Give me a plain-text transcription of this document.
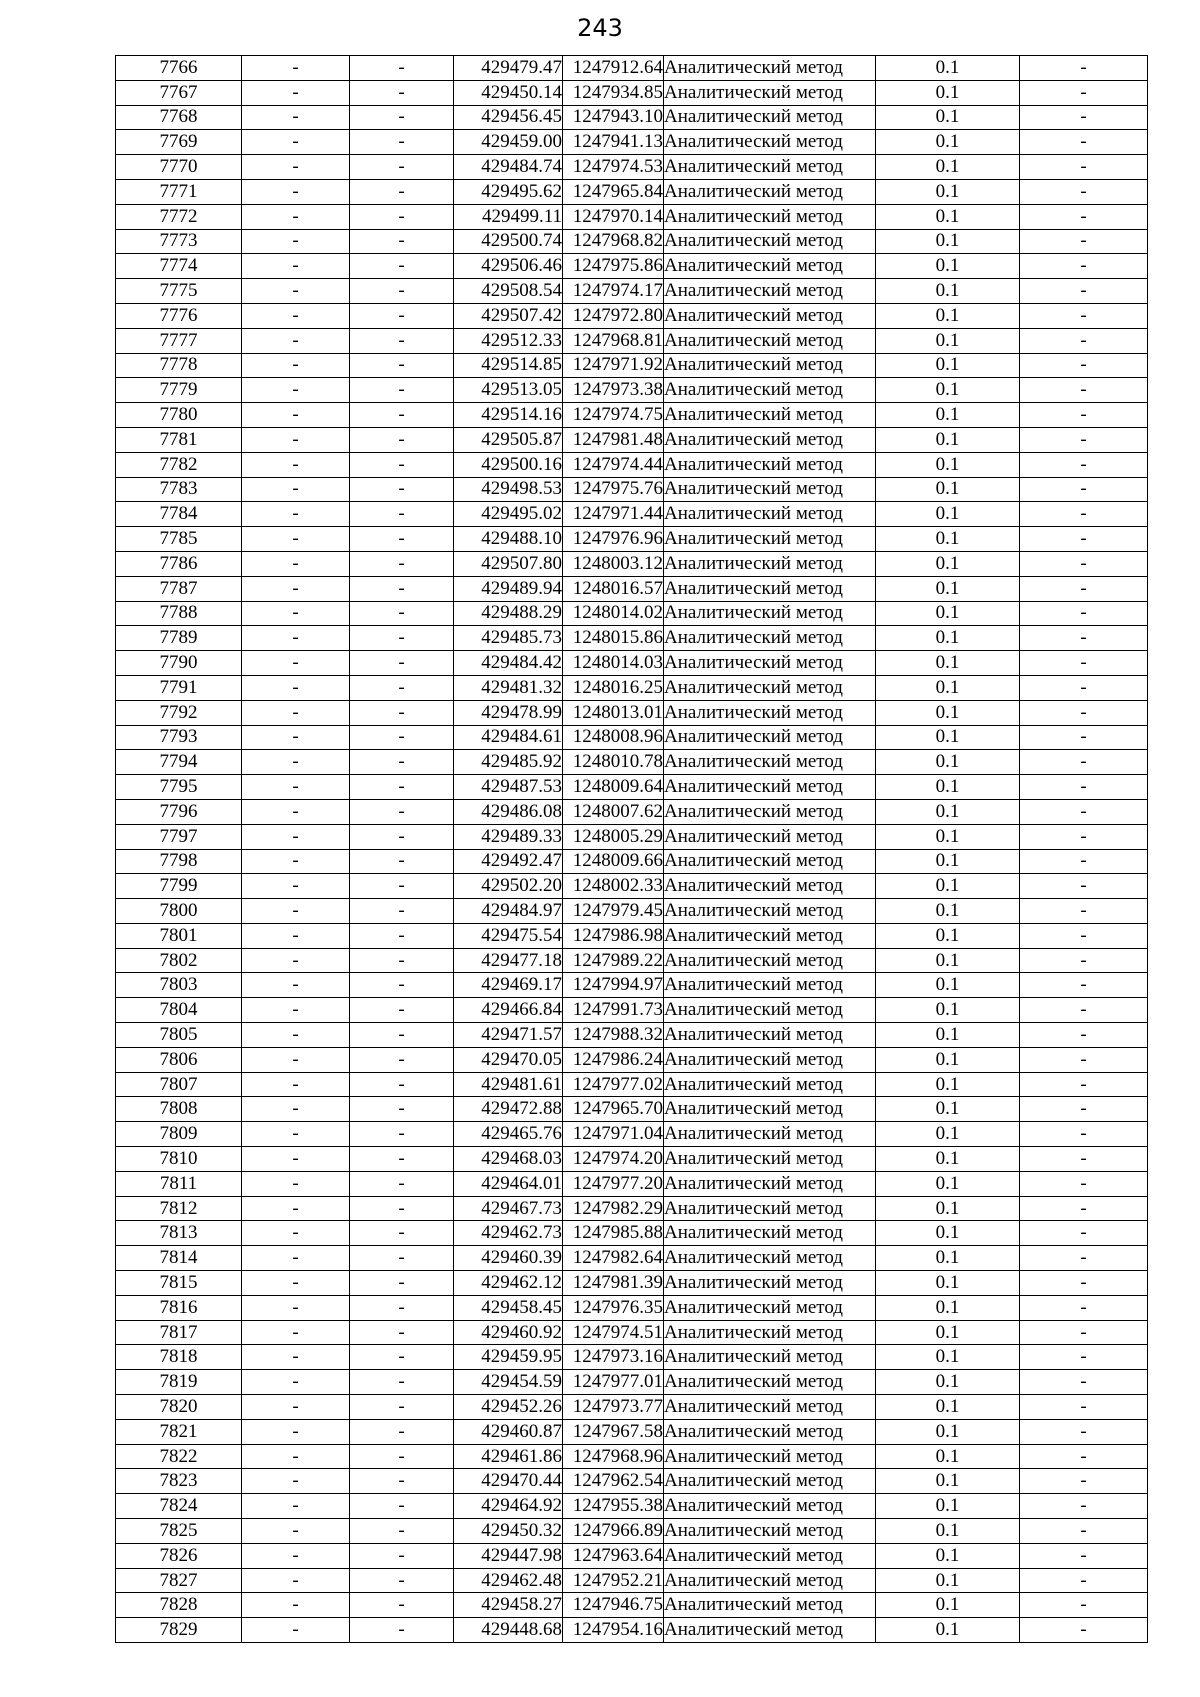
243
7766	-	-	429479.47	1247912.64	Аналитический метод	0.1	-
7767	-	-	429450.14	1247934.85	Аналитический метод	0.1	-
7768	-	-	429456.45	1247943.10	Аналитический метод	0.1	-
7769	-	-	429459.00	1247941.13	Аналитический метод	0.1	-
7770	-	-	429484.74	1247974.53	Аналитический метод	0.1	-
7771	-	-	429495.62	1247965.84	Аналитический метод	0.1	-
7772	-	-	429499.11	1247970.14	Аналитический метод	0.1	-
7773	-	-	429500.74	1247968.82	Аналитический метод	0.1	-
7774	-	-	429506.46	1247975.86	Аналитический метод	0.1	-
7775	-	-	429508.54	1247974.17	Аналитический метод	0.1	-
7776	-	-	429507.42	1247972.80	Аналитический метод	0.1	-
7777	-	-	429512.33	1247968.81	Аналитический метод	0.1	-
7778	-	-	429514.85	1247971.92	Аналитический метод	0.1	-
7779	-	-	429513.05	1247973.38	Аналитический метод	0.1	-
7780	-	-	429514.16	1247974.75	Аналитический метод	0.1	-
7781	-	-	429505.87	1247981.48	Аналитический метод	0.1	-
7782	-	-	429500.16	1247974.44	Аналитический метод	0.1	-
7783	-	-	429498.53	1247975.76	Аналитический метод	0.1	-
7784	-	-	429495.02	1247971.44	Аналитический метод	0.1	-
7785	-	-	429488.10	1247976.96	Аналитический метод	0.1	-
7786	-	-	429507.80	1248003.12	Аналитический метод	0.1	-
7787	-	-	429489.94	1248016.57	Аналитический метод	0.1	-
7788	-	-	429488.29	1248014.02	Аналитический метод	0.1	-
7789	-	-	429485.73	1248015.86	Аналитический метод	0.1	-
7790	-	-	429484.42	1248014.03	Аналитический метод	0.1	-
7791	-	-	429481.32	1248016.25	Аналитический метод	0.1	-
7792	-	-	429478.99	1248013.01	Аналитический метод	0.1	-
7793	-	-	429484.61	1248008.96	Аналитический метод	0.1	-
7794	-	-	429485.92	1248010.78	Аналитический метод	0.1	-
7795	-	-	429487.53	1248009.64	Аналитический метод	0.1	-
7796	-	-	429486.08	1248007.62	Аналитический метод	0.1	-
7797	-	-	429489.33	1248005.29	Аналитический метод	0.1	-
7798	-	-	429492.47	1248009.66	Аналитический метод	0.1	-
7799	-	-	429502.20	1248002.33	Аналитический метод	0.1	-
7800	-	-	429484.97	1247979.45	Аналитический метод	0.1	-
7801	-	-	429475.54	1247986.98	Аналитический метод	0.1	-
7802	-	-	429477.18	1247989.22	Аналитический метод	0.1	-
7803	-	-	429469.17	1247994.97	Аналитический метод	0.1	-
7804	-	-	429466.84	1247991.73	Аналитический метод	0.1	-
7805	-	-	429471.57	1247988.32	Аналитический метод	0.1	-
7806	-	-	429470.05	1247986.24	Аналитический метод	0.1	-
7807	-	-	429481.61	1247977.02	Аналитический метод	0.1	-
7808	-	-	429472.88	1247965.70	Аналитический метод	0.1	-
7809	-	-	429465.76	1247971.04	Аналитический метод	0.1	-
7810	-	-	429468.03	1247974.20	Аналитический метод	0.1	-
7811	-	-	429464.01	1247977.20	Аналитический метод	0.1	-
7812	-	-	429467.73	1247982.29	Аналитический метод	0.1	-
7813	-	-	429462.73	1247985.88	Аналитический метод	0.1	-
7814	-	-	429460.39	1247982.64	Аналитический метод	0.1	-
7815	-	-	429462.12	1247981.39	Аналитический метод	0.1	-
7816	-	-	429458.45	1247976.35	Аналитический метод	0.1	-
7817	-	-	429460.92	1247974.51	Аналитический метод	0.1	-
7818	-	-	429459.95	1247973.16	Аналитический метод	0.1	-
7819	-	-	429454.59	1247977.01	Аналитический метод	0.1	-
7820	-	-	429452.26	1247973.77	Аналитический метод	0.1	-
7821	-	-	429460.87	1247967.58	Аналитический метод	0.1	-
7822	-	-	429461.86	1247968.96	Аналитический метод	0.1	-
7823	-	-	429470.44	1247962.54	Аналитический метод	0.1	-
7824	-	-	429464.92	1247955.38	Аналитический метод	0.1	-
7825	-	-	429450.32	1247966.89	Аналитический метод	0.1	-
7826	-	-	429447.98	1247963.64	Аналитический метод	0.1	-
7827	-	-	429462.48	1247952.21	Аналитический метод	0.1	-
7828	-	-	429458.27	1247946.75	Аналитический метод	0.1	-
7829	-	-	429448.68	1247954.16	Аналитический метод	0.1	-
